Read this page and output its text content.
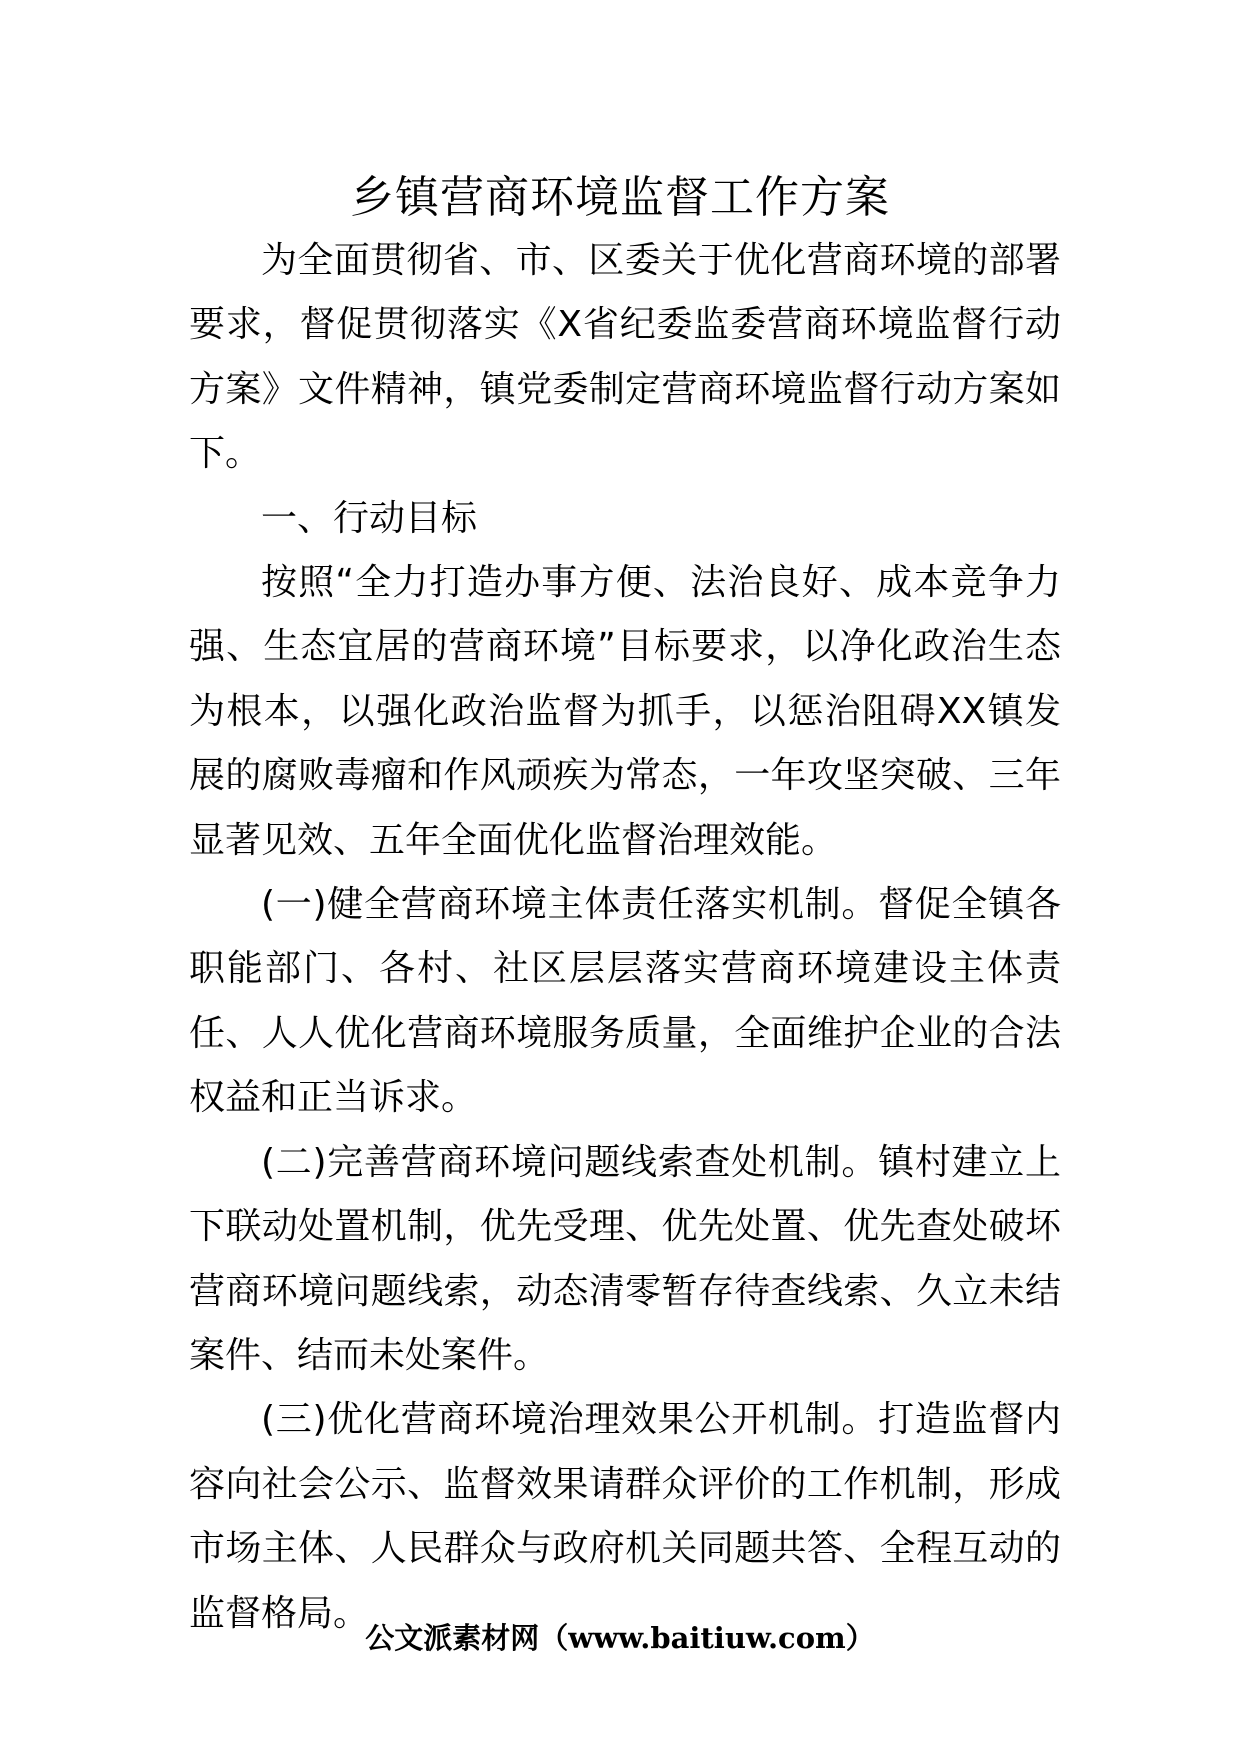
乡镇营商环境监督工作方案

为全面贯彻省、市、区委关于优化营商环境的部署要求，督促贯彻落实《X省纪委监委营商环境监督行动方案》文件精神，镇党委制定营商环境监督行动方案如下。

一、行动目标

按照“全力打造办事方便、法治良好、成本竞争力强、生态宜居的营商环境”目标要求，以净化政治生态为根本，以强化政治监督为抓手，以惩治阻碍XX镇发展的腐败毒瘤和作风顽疾为常态，一年攻坚突破、三年显著见效、五年全面优化监督治理效能。

(一)健全营商环境主体责任落实机制。督促全镇各职能部门、各村、社区层层落实营商环境建设主体责任、人人优化营商环境服务质量，全面维护企业的合法权益和正当诉求。

(二)完善营商环境问题线索查处机制。镇村建立上下联动处置机制，优先受理、优先处置、优先查处破坏营商环境问题线索，动态清零暂存待查线索、久立未结案件、结而未处案件。

(三)优化营商环境治理效果公开机制。打造监督内容向社会公示、监督效果请群众评价的工作机制，形成市场主体、人民群众与政府机关同题共答、全程互动的监督格局。

公文派素材网（www.baitiuw.com）
